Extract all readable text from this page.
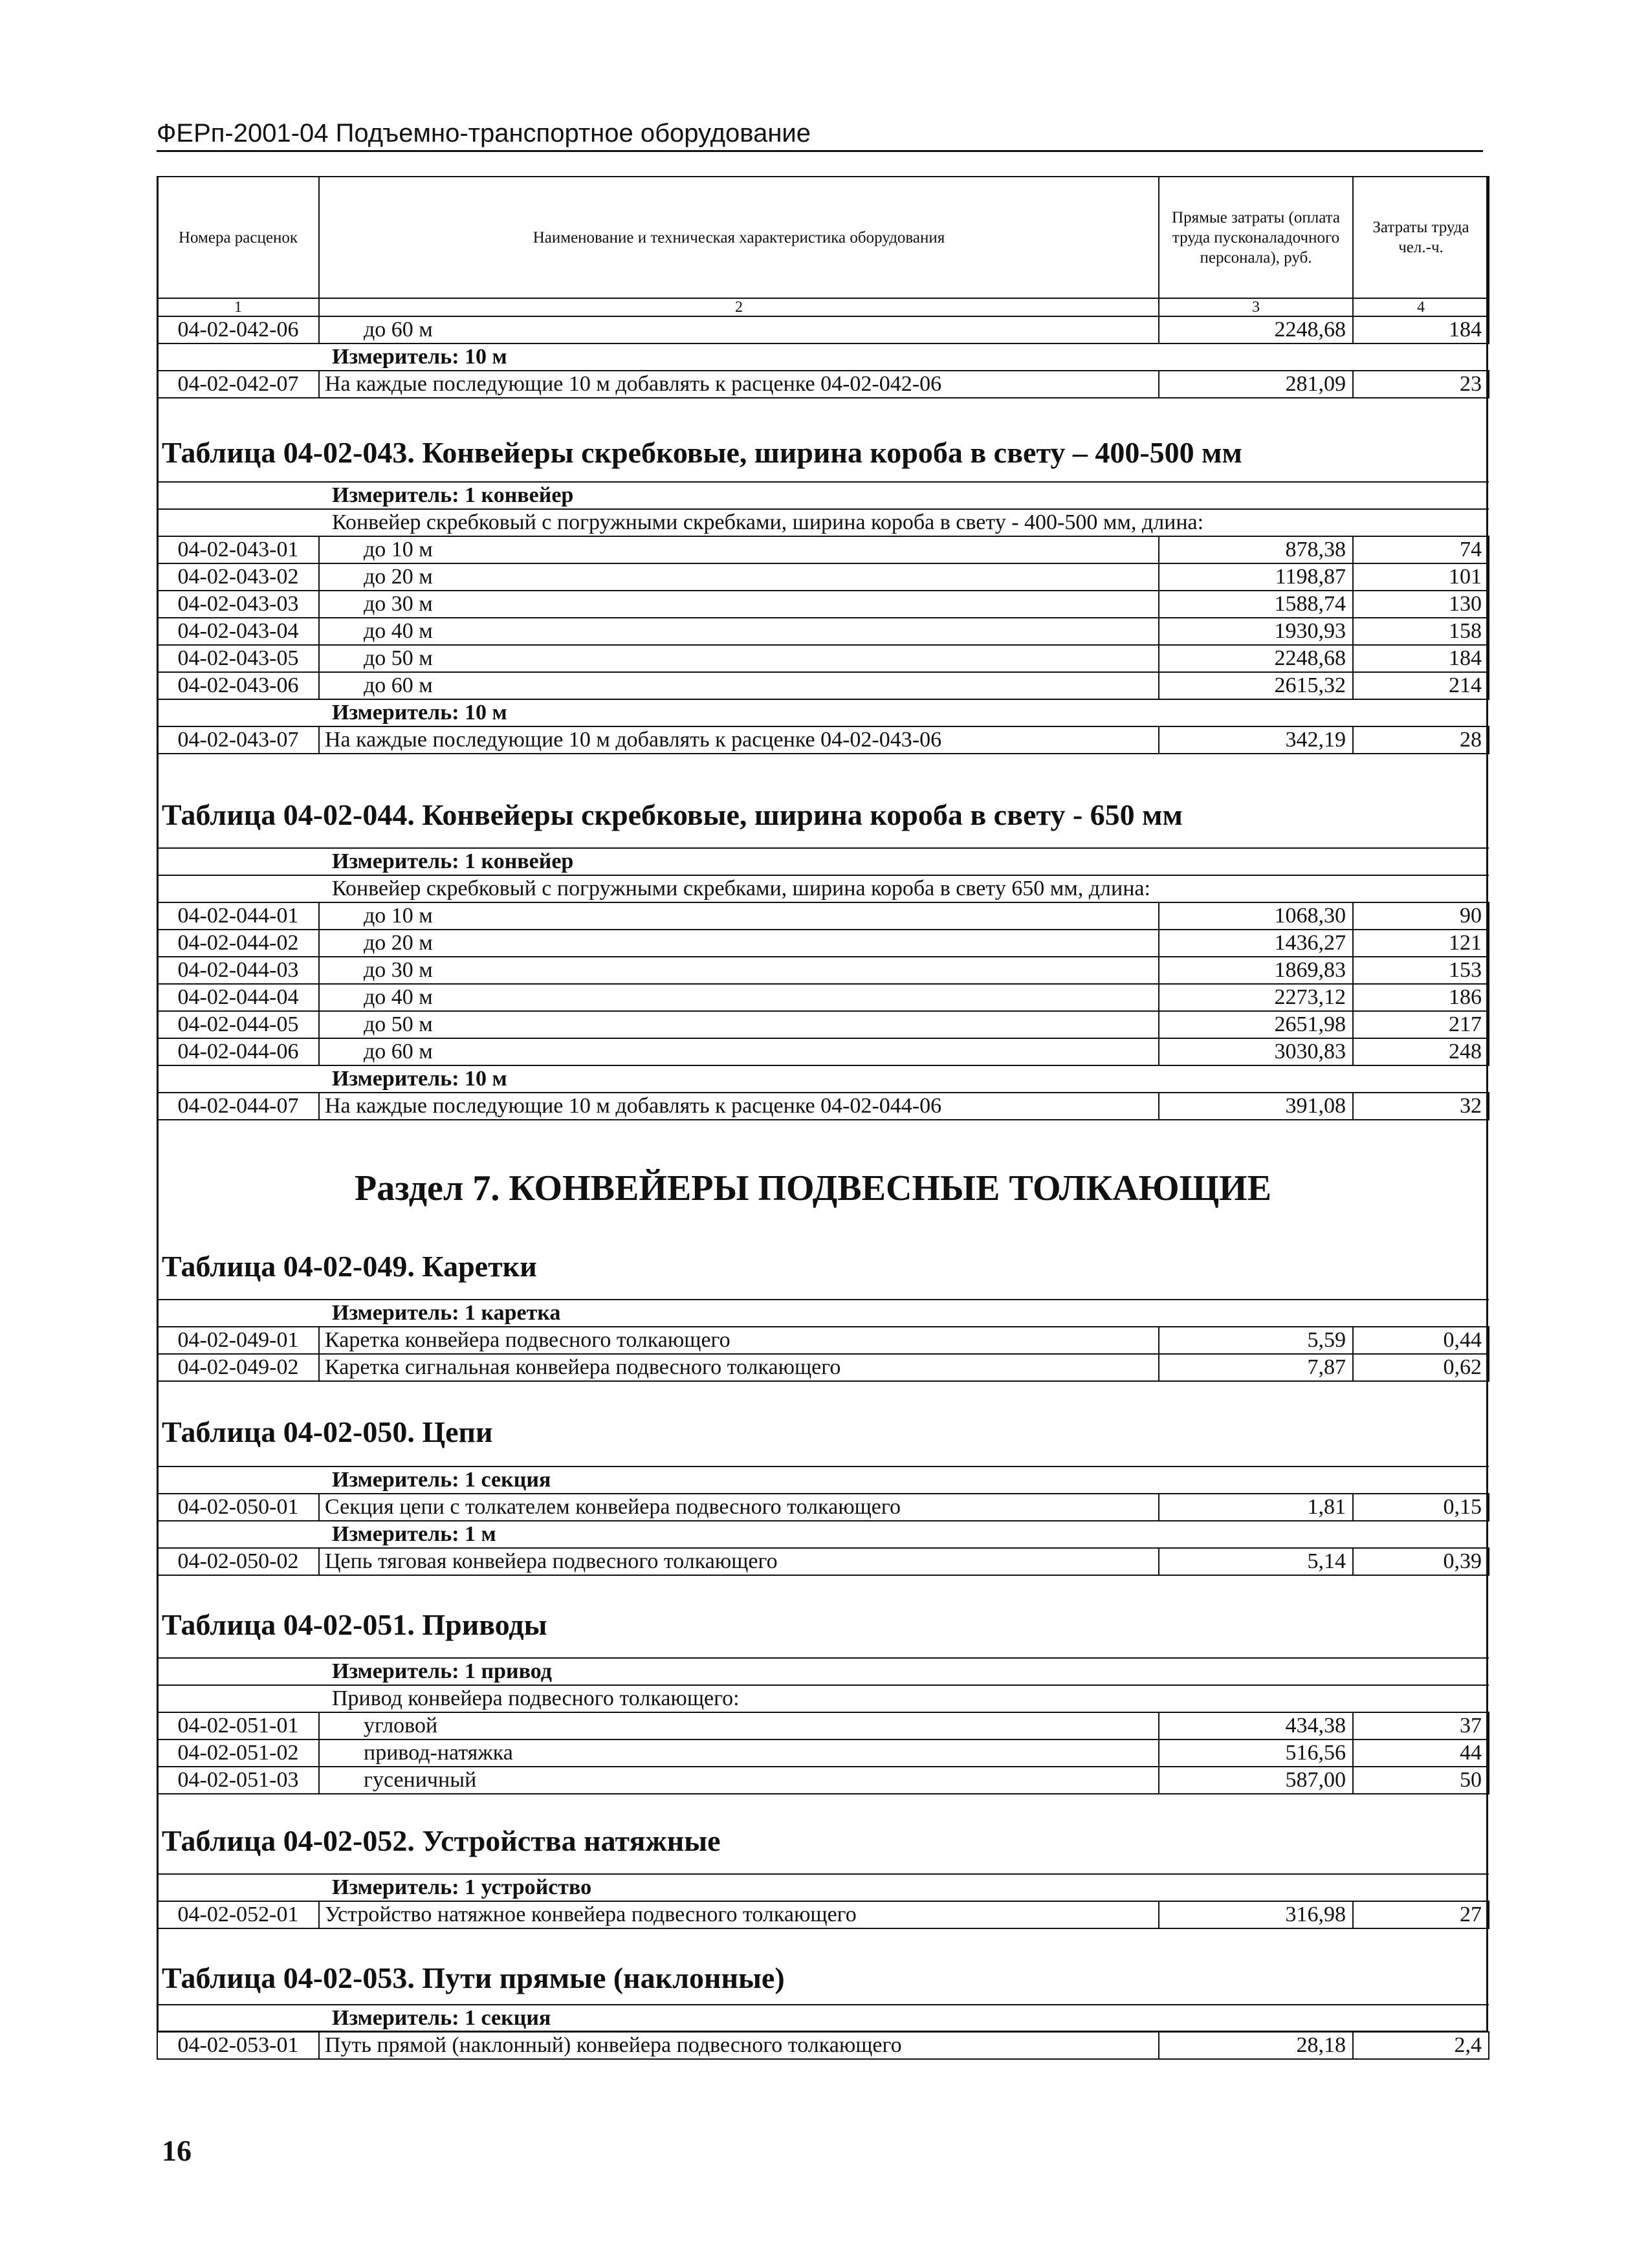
ФЕРп-2001-04 Подъемно-транспортное оборудование
Номера расценок	Наименование и техническая характеристика оборудования	Прямые затраты (оплата труда пусконаладочного персонала), руб.	Затраты труда чел.-ч.
1	2	3	4
04-02-042-06	до 60 м	2248,68	184
Измеритель: 10 м			
04-02-042-07	На каждые последующие 10 м добавлять к расценке 04-02-042-06	281,09	23
Таблица 04-02-043. Конвейеры скребковые, ширина короба в свету – 400-500 мм
Измеритель: 1 конвейер			
Конвейер скребковый с погружными скребками, ширина короба в свету - 400-500 мм, длина:			
04-02-043-01	до 10 м	878,38	74
04-02-043-02	до 20 м	1198,87	101
04-02-043-03	до 30 м	1588,74	130
04-02-043-04	до 40 м	1930,93	158
04-02-043-05	до 50 м	2248,68	184
04-02-043-06	до 60 м	2615,32	214
Измеритель: 10 м			
04-02-043-07	На каждые последующие 10 м добавлять к расценке 04-02-043-06	342,19	28
Таблица 04-02-044. Конвейеры скребковые, ширина короба в свету - 650 мм
Измеритель: 1 конвейер			
Конвейер скребковый с погружными скребками, ширина короба в свету 650 мм, длина:			
04-02-044-01	до 10 м	1068,30	90
04-02-044-02	до 20 м	1436,27	121
04-02-044-03	до 30 м	1869,83	153
04-02-044-04	до 40 м	2273,12	186
04-02-044-05	до 50 м	2651,98	217
04-02-044-06	до 60 м	3030,83	248
Измеритель: 10 м			
04-02-044-07	На каждые последующие 10 м добавлять к расценке 04-02-044-06	391,08	32
Раздел 7. КОНВЕЙЕРЫ ПОДВЕСНЫЕ ТОЛКАЮЩИЕ
Таблица 04-02-049. Каретки
Измеритель: 1 каретка			
04-02-049-01	Каретка конвейера подвесного толкающего	5,59	0,44
04-02-049-02	Каретка сигнальная конвейера подвесного толкающего	7,87	0,62
Таблица 04-02-050. Цепи
Измеритель: 1 секция			
04-02-050-01	Секция цепи с толкателем конвейера подвесного толкающего	1,81	0,15
Измеритель: 1 м			
04-02-050-02	Цепь тяговая конвейера подвесного толкающего	5,14	0,39
Таблица 04-02-051. Приводы
Измеритель: 1 привод			
Привод конвейера подвесного толкающего:			
04-02-051-01	угловой	434,38	37
04-02-051-02	привод-натяжка	516,56	44
04-02-051-03	гусеничный	587,00	50
Таблица 04-02-052. Устройства натяжные
Измеритель: 1 устройство
04-02-052-01	Устройство натяжное конвейера подвесного толкающего	316,98	27
Таблица 04-02-053. Пути прямые (наклонные)
Измеритель: 1 секция
04-02-053-01	Путь прямой (наклонный) конвейера подвесного толкающего	28,18	2,4
16
